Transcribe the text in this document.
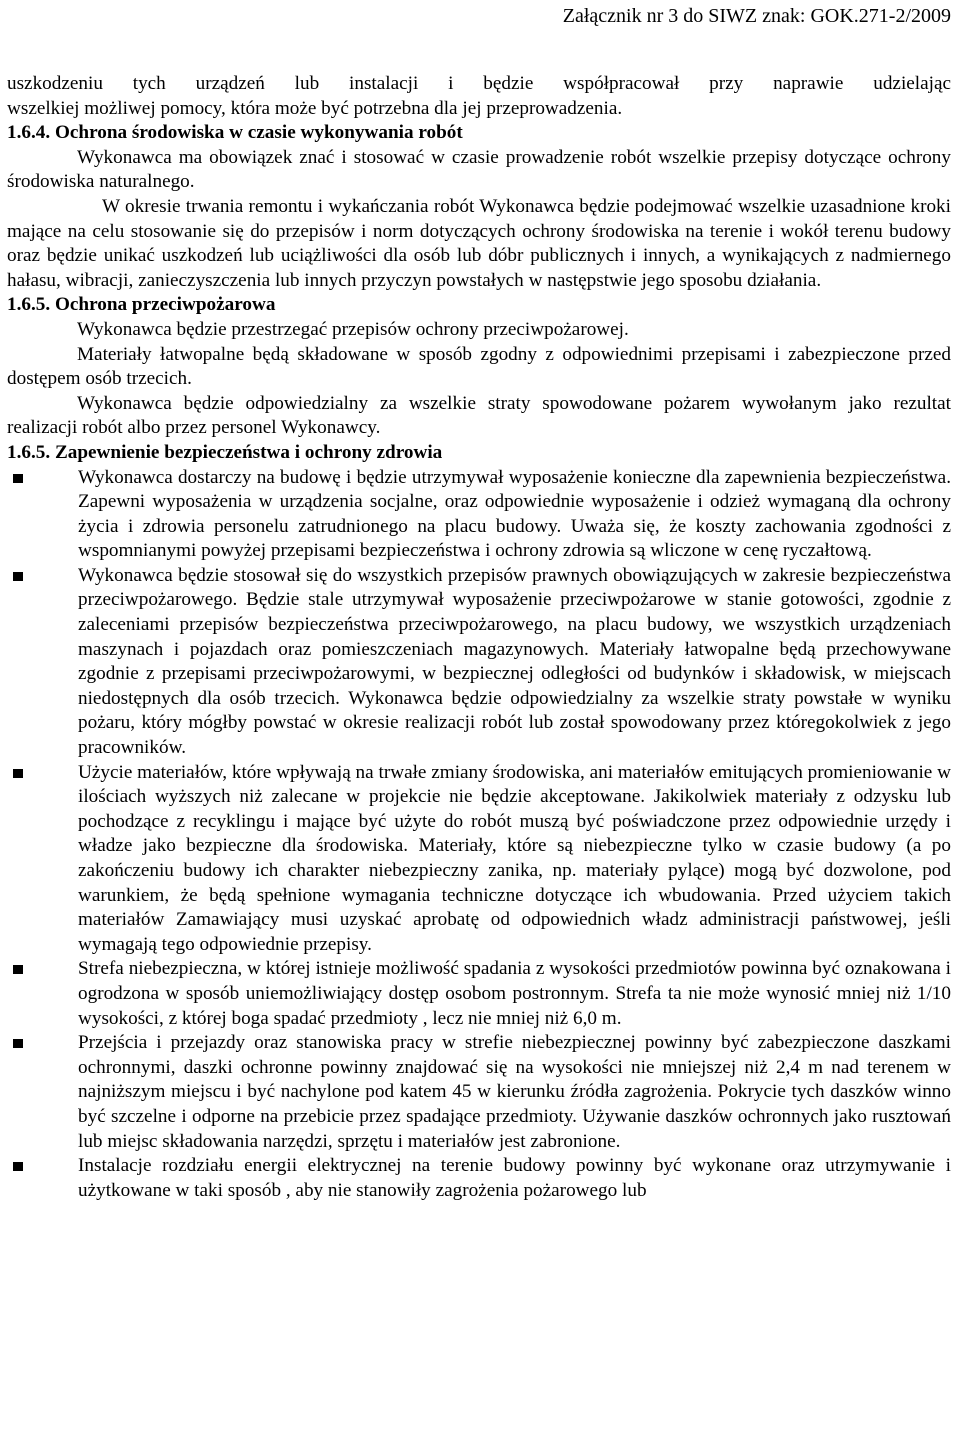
Załącznik nr 3 do SIWZ znak: GOK.271-2/2009

uszkodzeniu tych urządzeń lub instalacji i będzie współpracował przy naprawie udzielając

wszelkiej możliwej pomocy, która może być potrzebna dla jej przeprowadzenia.

1.6.4. Ochrona środowiska w czasie wykonywania robót

Wykonawca ma obowiązek znać i stosować w czasie prowadzenie robót wszelkie przepisy dotyczące ochrony środowiska naturalnego.

W okresie trwania remontu i wykańczania robót Wykonawca będzie podejmować wszelkie uzasadnione kroki mające na celu stosowanie się do przepisów i norm dotyczących ochrony środowiska na terenie i wokół terenu budowy oraz będzie unikać uszkodzeń lub uciążliwości dla osób lub dóbr publicznych i innych, a wynikających z nadmiernego hałasu, wibracji, zanieczyszczenia lub innych przyczyn powstałych w następstwie jego sposobu działania.

1.6.5. Ochrona przeciwpożarowa

Wykonawca będzie przestrzegać przepisów ochrony przeciwpożarowej.

Materiały łatwopalne będą składowane w sposób zgodny z odpowiednimi przepisami i zabezpieczone przed dostępem osób trzecich.

Wykonawca będzie odpowiedzialny za wszelkie straty spowodowane pożarem wywołanym jako rezultat realizacji robót albo przez personel Wykonawcy.

1.6.5. Zapewnienie bezpieczeństwa i ochrony zdrowia

Wykonawca dostarczy na budowę i będzie utrzymywał wyposażenie konieczne dla zapewnienia bezpieczeństwa. Zapewni wyposażenia w urządzenia socjalne, oraz odpowiednie wyposażenie i odzież wymaganą dla ochrony życia i zdrowia personelu zatrudnionego na placu budowy. Uważa się, że koszty zachowania zgodności z wspomnianymi powyżej przepisami bezpieczeństwa i ochrony zdrowia są wliczone w cenę ryczałtową.
Wykonawca będzie stosował się do wszystkich przepisów prawnych obowiązujących w zakresie bezpieczeństwa przeciwpożarowego. Będzie stale utrzymywał wyposażenie przeciwpożarowe w stanie gotowości, zgodnie z zaleceniami przepisów bezpieczeństwa przeciwpożarowego, na placu budowy, we wszystkich urządzeniach maszynach i pojazdach oraz pomieszczeniach magazynowych. Materiały łatwopalne będą przechowywane zgodnie z przepisami przeciwpożarowymi, w bezpiecznej odległości od budynków i składowisk, w miejscach niedostępnych dla osób trzecich. Wykonawca będzie odpowiedzialny za wszelkie straty powstałe w wyniku pożaru, który mógłby powstać w okresie realizacji robót lub został spowodowany przez któregokolwiek z jego pracowników.
Użycie materiałów, które wpływają na trwałe zmiany środowiska, ani materiałów emitujących promieniowanie w ilościach wyższych niż zalecane w projekcie nie będzie akceptowane. Jakikolwiek materiały z odzysku lub pochodzące z recyklingu i mające być użyte do robót muszą być poświadczone przez odpowiednie urzędy i władze jako bezpieczne dla środowiska. Materiały, które są niebezpieczne tylko w czasie budowy (a po zakończeniu budowy ich charakter niebezpieczny zanika, np. materiały pylące) mogą być dozwolone, pod warunkiem, że będą spełnione wymagania techniczne dotyczące ich wbudowania. Przed użyciem takich materiałów Zamawiający musi uzyskać aprobatę od odpowiednich władz administracji państwowej, jeśli wymagają tego odpowiednie przepisy.
Strefa niebezpieczna, w której istnieje możliwość spadania z wysokości przedmiotów powinna być oznakowana i ogrodzona w sposób uniemożliwiający dostęp osobom postronnym. Strefa ta nie może wynosić mniej niż 1/10 wysokości, z której boga spadać przedmioty , lecz nie mniej niż 6,0 m.
Przejścia i przejazdy oraz stanowiska pracy w strefie niebezpiecznej powinny być zabezpieczone daszkami ochronnymi, daszki ochronne powinny znajdować się na wysokości nie mniejszej niż 2,4 m nad terenem w najniższym miejscu i być nachylone pod katem 45 w kierunku źródła zagrożenia. Pokrycie tych daszków winno być szczelne i odporne na przebicie przez spadające przedmioty. Używanie daszków ochronnych jako rusztowań lub miejsc składowania narzędzi, sprzętu i materiałów jest zabronione.
Instalacje rozdziału energii elektrycznej na terenie budowy powinny być wykonane oraz utrzymywanie i użytkowane w taki sposób , aby nie stanowiły zagrożenia pożarowego lub
